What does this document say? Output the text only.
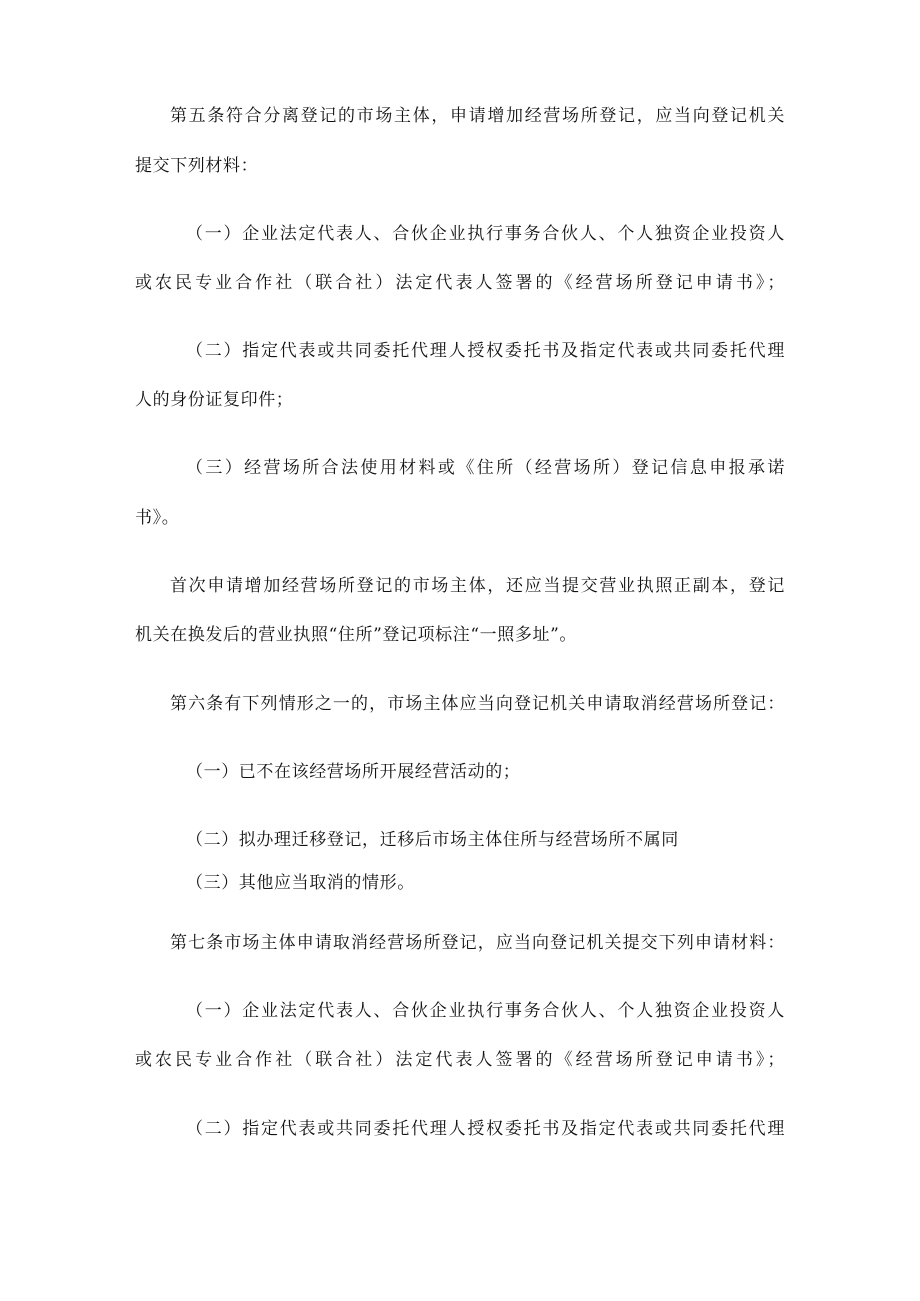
第五条符合分离登记的市场主体，申请增加经营场所登记，应当向登记机关
提交下列材料：
（一）企业法定代表人、合伙企业执行事务合伙人、个人独资企业投资人
或农民专业合作社（联合社）法定代表人签署的《经营场所登记申请书》；
（二）指定代表或共同委托代理人授权委托书及指定代表或共同委托代理
人的身份证复印件；
（三）经营场所合法使用材料或《住所（经营场所）登记信息申报承诺
书》。
首次申请增加经营场所登记的市场主体，还应当提交营业执照正副本，登记
机关在换发后的营业执照“住所”登记项标注“一照多址”。
第六条有下列情形之一的，市场主体应当向登记机关申请取消经营场所登记：
（一）已不在该经营场所开展经营活动的；
（二）拟办理迁移登记，迁移后市场主体住所与经营场所不属同
（三）其他应当取消的情形。
第七条市场主体申请取消经营场所登记，应当向登记机关提交下列申请材料：
（一）企业法定代表人、合伙企业执行事务合伙人、个人独资企业投资人
或农民专业合作社（联合社）法定代表人签署的《经营场所登记申请书》；
（二）指定代表或共同委托代理人授权委托书及指定代表或共同委托代理
